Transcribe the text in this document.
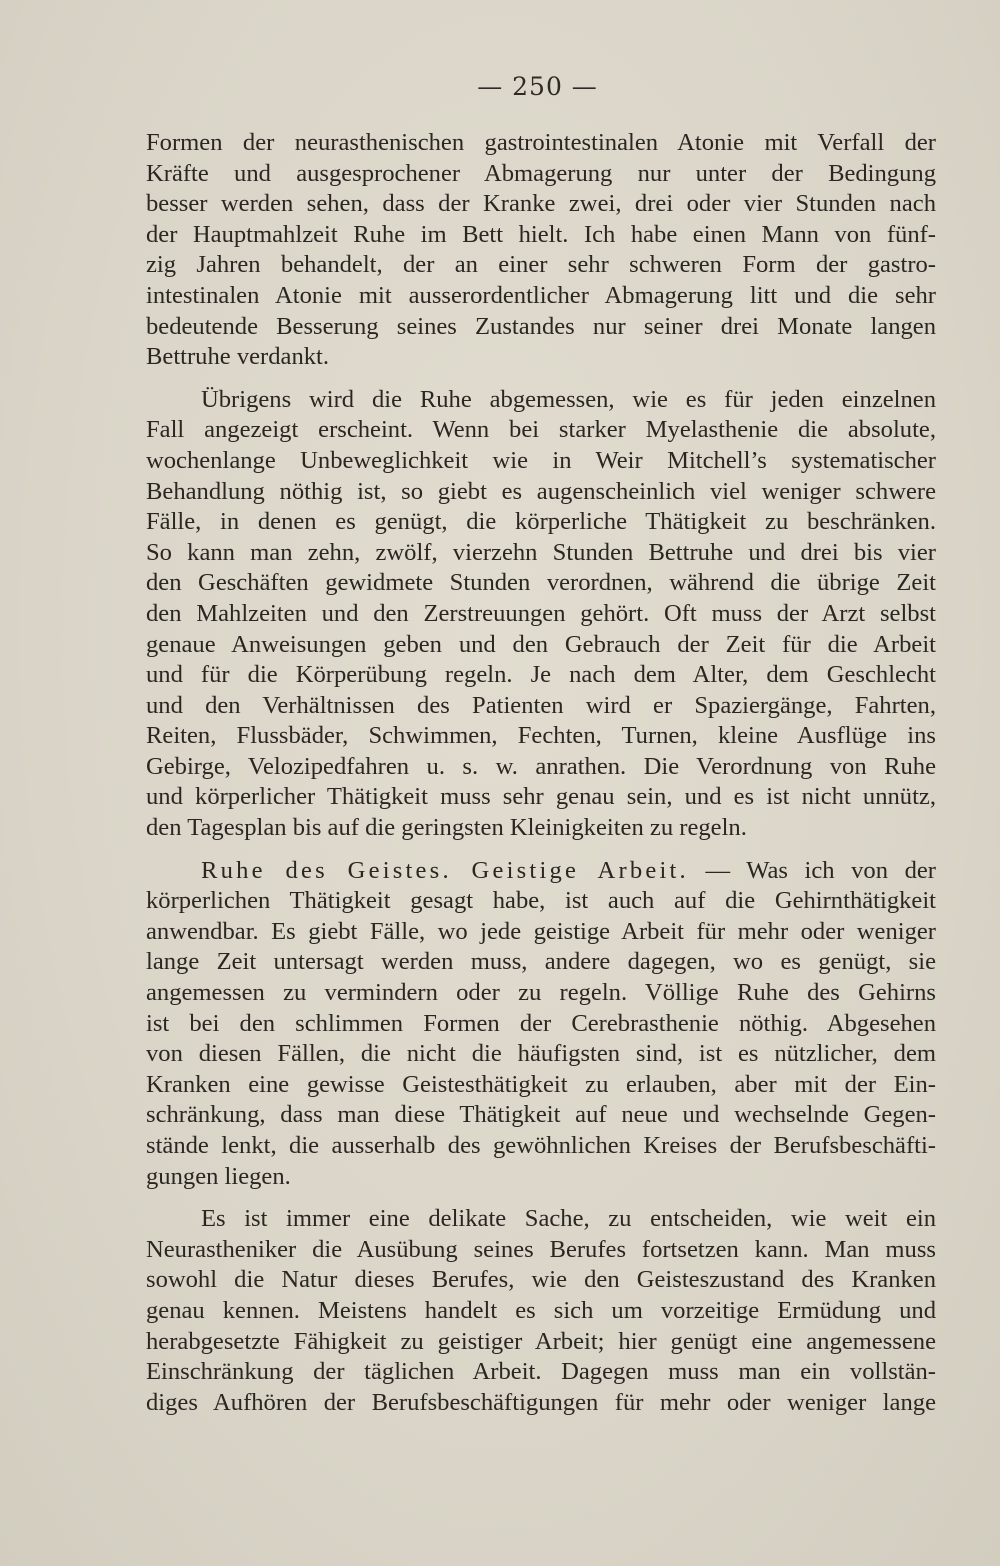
— 250 —

Formen der neurasthenischen gastrointestinalen Atonie mit Verfall der
Kräfte und ausgesprochener Abmagerung nur unter der Bedingung
besser werden sehen, dass der Kranke zwei, drei oder vier Stunden nach
der Hauptmahlzeit Ruhe im Bett hielt. Ich habe einen Mann von fünf-
zig Jahren behandelt, der an einer sehr schweren Form der gastro-
intestinalen Atonie mit ausserordentlicher Abmagerung litt und die sehr
bedeutende Besserung seines Zustandes nur seiner drei Monate langen
Bettruhe verdankt.

Übrigens wird die Ruhe abgemessen, wie es für jeden einzelnen
Fall angezeigt erscheint. Wenn bei starker Myelasthenie die absolute,
wochenlange Unbeweglichkeit wie in Weir Mitchell’s systematischer
Behandlung nöthig ist, so giebt es augenscheinlich viel weniger schwere
Fälle, in denen es genügt, die körperliche Thätigkeit zu beschränken.
So kann man zehn, zwölf, vierzehn Stunden Bettruhe und drei bis vier
den Geschäften gewidmete Stunden verordnen, während die übrige Zeit
den Mahlzeiten und den Zerstreuungen gehört. Oft muss der Arzt selbst
genaue Anweisungen geben und den Gebrauch der Zeit für die Arbeit
und für die Körperübung regeln. Je nach dem Alter, dem Geschlecht
und den Verhältnissen des Patienten wird er Spaziergänge, Fahrten,
Reiten, Flussbäder, Schwimmen, Fechten, Turnen, kleine Ausflüge ins
Gebirge, Velozipedfahren u. s. w. anrathen. Die Verordnung von Ruhe
und körperlicher Thätigkeit muss sehr genau sein, und es ist nicht unnütz,
den Tagesplan bis auf die geringsten Kleinigkeiten zu regeln.

Ruhe des Geistes. Geistige Arbeit. — Was ich von der
körperlichen Thätigkeit gesagt habe, ist auch auf die Gehirnthätigkeit
anwendbar. Es giebt Fälle, wo jede geistige Arbeit für mehr oder weniger
lange Zeit untersagt werden muss, andere dagegen, wo es genügt, sie
angemessen zu vermindern oder zu regeln. Völlige Ruhe des Gehirns
ist bei den schlimmen Formen der Cerebrasthenie nöthig. Abgesehen
von diesen Fällen, die nicht die häufigsten sind, ist es nützlicher, dem
Kranken eine gewisse Geistesthätigkeit zu erlauben, aber mit der Ein-
schränkung, dass man diese Thätigkeit auf neue und wechselnde Gegen-
stände lenkt, die ausserhalb des gewöhnlichen Kreises der Berufsbeschäfti-
gungen liegen.

Es ist immer eine delikate Sache, zu entscheiden, wie weit ein
Neurastheniker die Ausübung seines Berufes fortsetzen kann. Man muss
sowohl die Natur dieses Berufes, wie den Geisteszustand des Kranken
genau kennen. Meistens handelt es sich um vorzeitige Ermüdung und
herabgesetzte Fähigkeit zu geistiger Arbeit; hier genügt eine angemessene
Einschränkung der täglichen Arbeit. Dagegen muss man ein vollstän-
diges Aufhören der Berufsbeschäftigungen für mehr oder weniger lange
